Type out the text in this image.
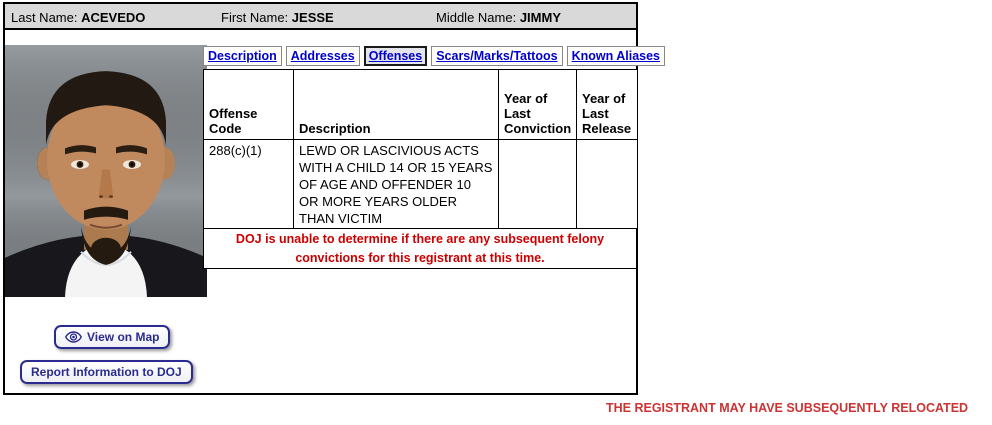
Last Name: ACEVEDO	First Name: JESSE	Middle Name: JIMMY
Description	Addresses	Offenses	Scars/Marks/Tattoos	Known Aliases
Offense Code	Description	Year of Last Conviction	Year of Last Release
288(c)(1)	LEWD OR LASCIVIOUS ACTS WITH A CHILD 14 OR 15 YEARS OF AGE AND OFFENDER 10 OR MORE YEARS OLDER THAN VICTIM		
DOJ is unable to determine if there are any subsequent felony convictions for this registrant at this time.
View on Map
Report Information to DOJ
THE REGISTRANT MAY HAVE SUBSEQUENTLY RELOCATED
